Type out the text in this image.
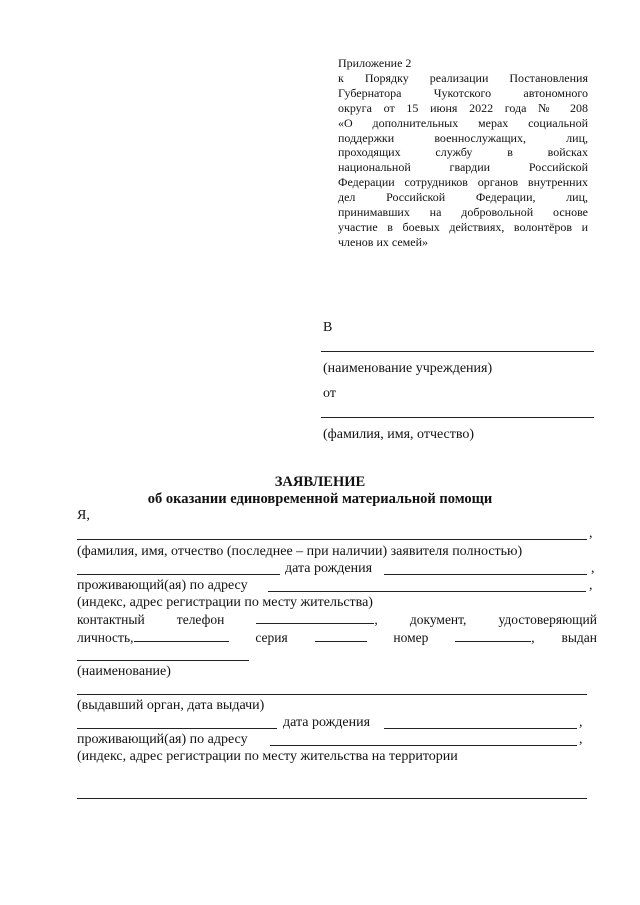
Приложение 2
к Порядку реализации Постановления
Губернатора Чукотского автономного
округа от 15 июня 2022 года № 208
«О дополнительных мерах социальной
поддержки военнослужащих, лиц,
проходящих службу в войсках
национальной гвардии Российской
Федерации сотрудников органов внутренних
дел Российской Федерации, лиц,
принимавших на добровольной основе
участие в боевых действиях, волонтёров и
членов их семей»
В
(наименование учреждения)
от
(фамилия, имя, отчество)
ЗАЯВЛЕНИЕ
об оказании единовременной материальной помощи
Я,
,
(фамилия, имя, отчество (последнее – при наличии) заявителя полностью)
дата рождения	,
проживающий(ая) по адресу	,
(индекс, адрес регистрации по месту жительства)
контактный телефон	, документ, удостоверяющий
личность,	серия	номер	, выдан
(наименование)
(выдавший орган, дата выдачи)
дата рождения	,
проживающий(ая) по адресу	,
(индекс, адрес регистрации по месту жительства на территории
